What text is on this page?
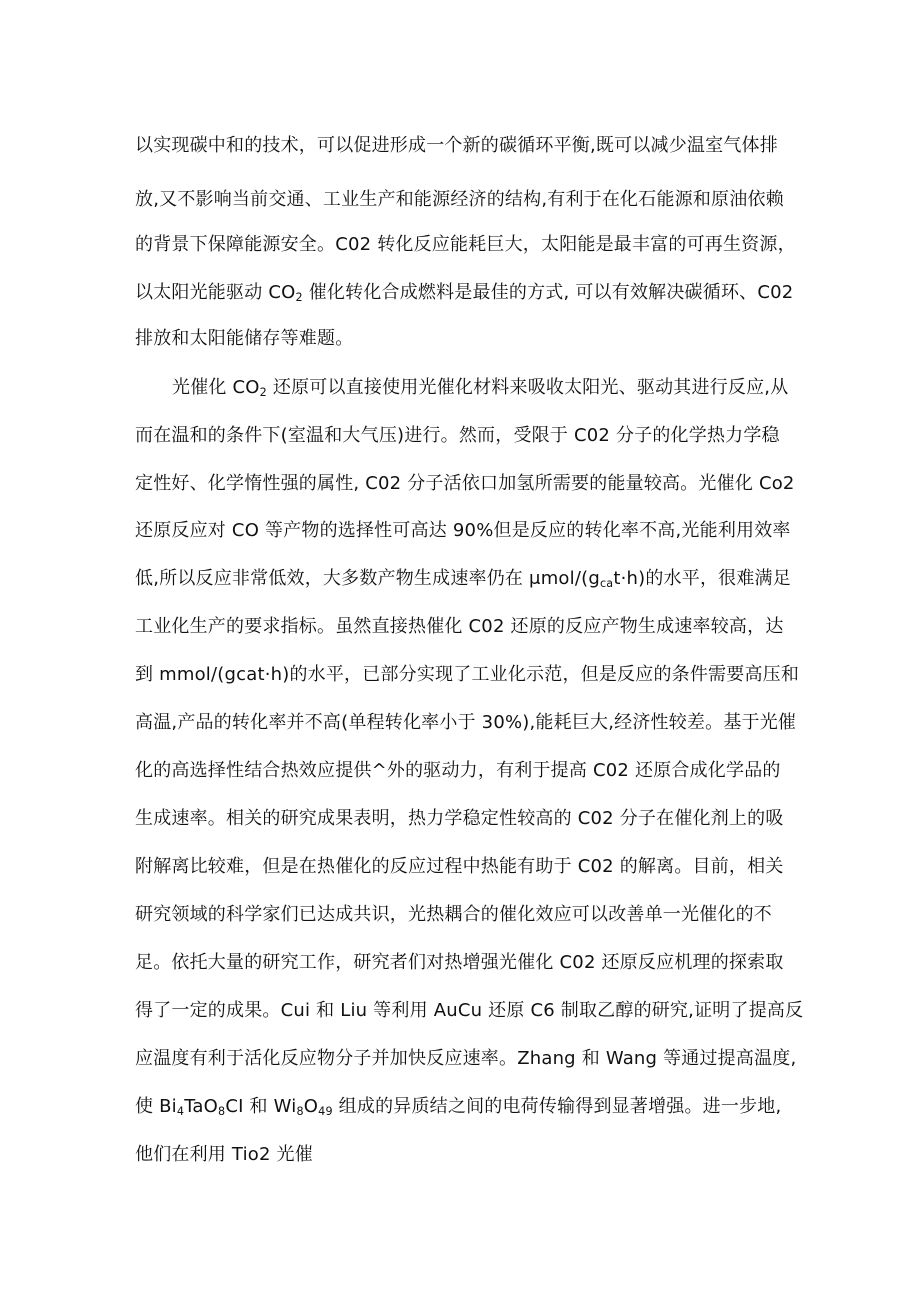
以实现碳中和的技术，可以促进形成一个新的碳循环平衡,既可以减少温室气体排
放,又不影响当前交通、工业生产和能源经济的结构,有利于在化石能源和原油依赖
的背景下保障能源安全。C02 转化反应能耗巨大，太阳能是最丰富的可再生资源，
以太阳光能驱动 $CO_2$ 催化转化合成燃料是最佳的方式, 可以有效解决碳循环、C02
排放和太阳能储存等难题。
光催化 $CO_2$ 还原可以直接使用光催化材料来吸收太阳光、驱动其进行反应,从
而在温和的条件下(室温和大气压)进行。然而，受限于 C02 分子的化学热力学稳
定性好、化学惰性强的属性, C02 分子活依口加氢所需要的能量较高。光催化 Co2
还原反应对 CO 等产物的选择性可高达 90%但是反应的转化率不高,光能利用效率
低,所以反应非常低效，大多数产物生成速率仍在 μmol/$(g_{ca}t\cdot h)$的水平，很难满足
工业化生产的要求指标。虽然直接热催化 C02 还原的反应产物生成速率较高，达
到 mmol/(gcat·h)的水平，已部分实现了工业化示范，但是反应的条件需要高压和
高温,产品的转化率并不高(单程转化率小于 30%),能耗巨大,经济性较差。基于光催
化的高选择性结合热效应提供^外的驱动力，有利于提高 C02 还原合成化学品的
生成速率。相关的研究成果表明，热力学稳定性较高的 C02 分子在催化剂上的吸
附解离比较难，但是在热催化的反应过程中热能有助于 C02 的解离。目前，相关
研究领域的科学家们已达成共识，光热耦合的催化效应可以改善单一光催化的不
足。依托大量的研究工作，研究者们对热增强光催化 C02 还原反应机理的探索取
得了一定的成果。Cui 和 Liu 等利用 AuCu 还原 C6 制取乙醇的研究,证明了提高反
应温度有利于活化反应物分子并加快反应速率。Zhang 和 Wang 等通过提高温度,
使 $Bi_4TaO_8CI$ 和 $Wi_8O_{49}$ 组成的异质结之间的电荷传输得到显著增强。进一步地,
他们在利用 Tio2 光催
